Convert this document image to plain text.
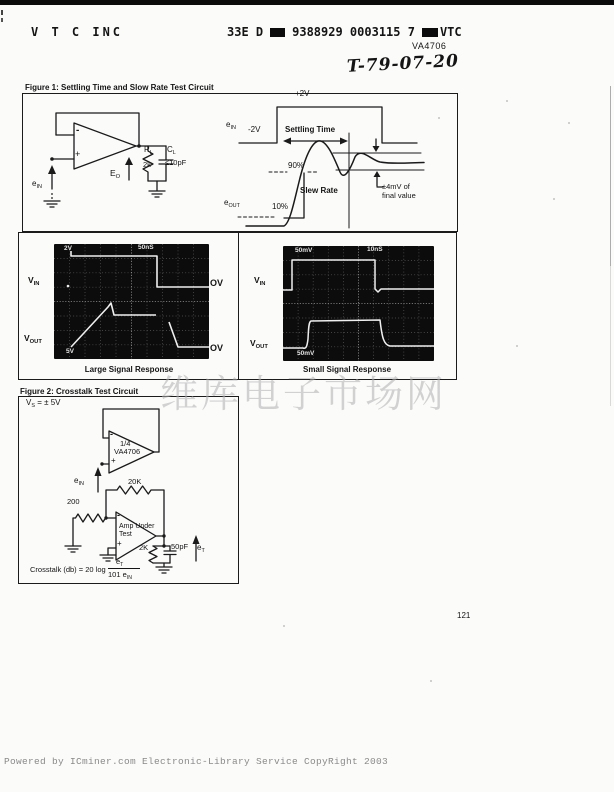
V T C INC	33E D 9388929 0003115 7 VTC
VA4706
T-79-07-20
Figure 1: Settling Time and Slow Rate Test Circuit
-
+
$e_{IN}$
$E_O$
$R_L$
2k
$C_L$
≤10pF
$e_{IN}$ -2V
+2V
Settling Time
90%
Slew Rate
10%
$e_{OUT}$
±4mV of
final value
2V	50nS
5V
50mV	10nS
50mV
Large Signal Response	Small Signal Response
$V_{IN}$
$V_{OUT}$
OV
OV
$V_{IN}$
$V_{OUT}$
Figure 2: Crosstalk Test Circuit
$V_S$ = ± 5V
-
+
1/4
VA4706
$e_{IN}$	20K
200
-
+
Amp Under
Test
2K	50pF $e_T$
Crosstalk (db) = 20 log
$e_T$
101 $e_{IN}$
维库电子市场网
121
Powered by ICminer.com Electronic-Library Service CopyRight 2003
